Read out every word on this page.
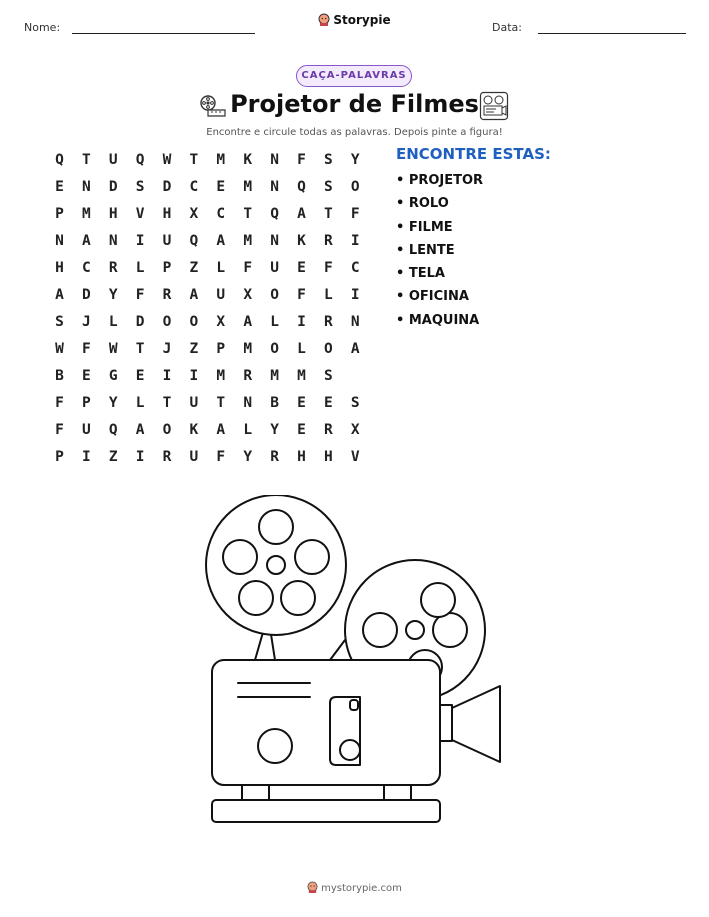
Nome:
Storypie
Data:
CAÇA-PALAVRAS
Projetor de Filmes
Encontre e circule todas as palavras. Depois pinte a figura!
Q	T	U	Q	W	T	M	K	N	F	S	Y
E	N	D	S	D	C	E	M	N	Q	S	O
P	M	H	V	H	X	C	T	Q	A	T	F
N	A	N	I	U	Q	A	M	N	K	R	I
H	C	R	L	P	Z	L	F	U	E	F	C
A	D	Y	F	R	A	U	X	O	F	L	I
S	J	L	D	O	O	X	A	L	I	R	N
W	F	W	T	J	Z	P	M	O	L	O	A
B	E	G	E	I	I	M	R	M	M	S
F	P	Y	L	T	U	T	N	B	E	E	S
F	U	Q	A	O	K	A	L	Y	E	R	X
P	I	Z	I	R	U	F	Y	R	H	H	V
ENCONTRE ESTAS:
• PROJETOR
• ROLO
• FILME
• LENTE
• TELA
• OFICINA
• MAQUINA
mystorypie.com
